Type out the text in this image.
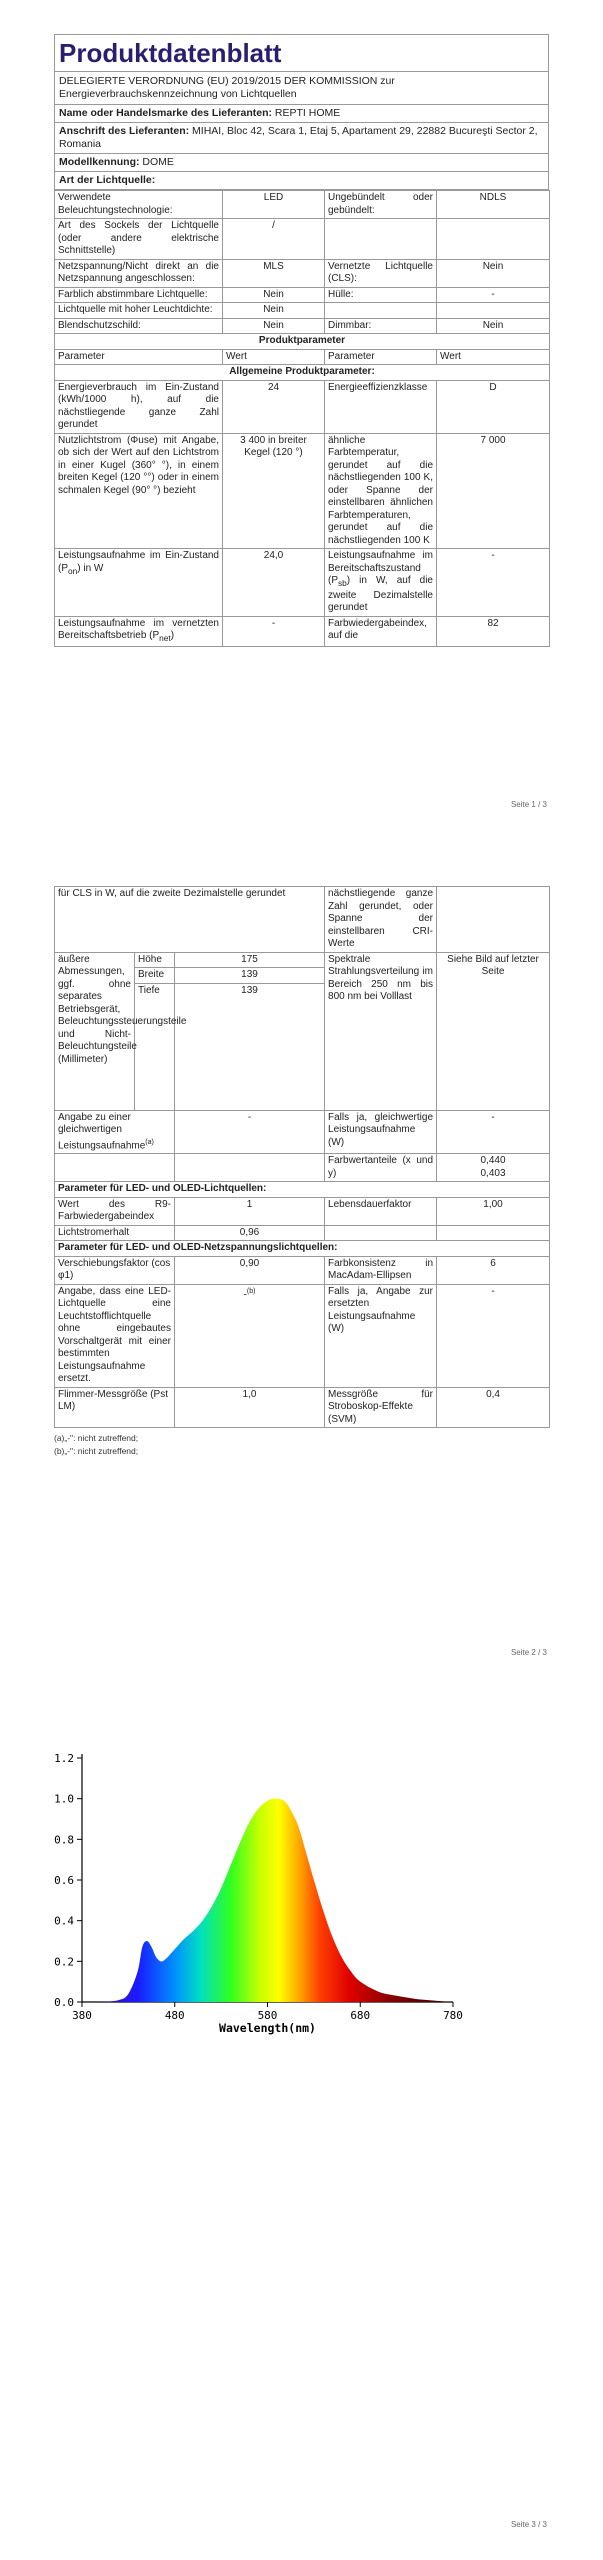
Produktdatenblatt
DELEGIERTE VERORDNUNG (EU) 2019/2015 DER KOMMISSION zur Energieverbrauchskennzeichnung von Lichtquellen
Name oder Handelsmarke des Lieferanten: REPTI HOME
Anschrift des Lieferanten: MIHAI, Bloc 42, Scara 1, Etaj 5, Apartament 29, 22882 Bucureşti Sector 2, Romania
Modellkennung: DOME
Art der Lichtquelle:
Verwendete Beleuchtungstechnologie:	LED	Ungebündelt oder gebündelt:	NDLS
Art des Sockels der Lichtquelle (oder andere elektrische Schnittstelle)	/		
Netzspannung/Nicht direkt an die Netzspannung angeschlossen:	MLS	Vernetzte Lichtquelle (CLS):	Nein
Farblich abstimmbare Lichtquelle:	Nein	Hülle:	-
Lichtquelle mit hoher Leuchtdichte:	Nein		
Blendschutzschild:	Nein	Dimmbar:	Nein
Produktparameter			
Parameter	Wert	Parameter	Wert
Allgemeine Produktparameter:			
Energieverbrauch im Ein-Zustand (kWh/1000 h), auf die nächstliegende ganze Zahl gerundet	24	Energieeffizienzklasse	D
Nutzlichtstrom (Φuse) mit Angabe, ob sich der Wert auf den Lichtstrom in einer Kugel (360° °), in einem breiten Kegel (120 °°) oder in einem schmalen Kegel (90° °) bezieht	3 400 in breiter Kegel (120 °)	ähnliche Farbtemperatur, gerundet auf die nächstliegenden 100 K, oder Spanne der einstellbaren ähnlichen Farbtemperaturen, gerundet auf die nächstliegenden 100 K	7 000
Leistungsaufnahme im Ein-Zustand $(P_{on})$ in W	24,0	Leistungsaufnahme im Bereitschaftszustand $(P_{sb})$ in W, auf die zweite Dezimalstelle gerundet	-
Leistungsaufnahme im vernetzten Bereitschaftsbetrieb $(P_{net})$	-	Farbwiedergabeindex, auf die	82
Seite 1 / 3
für CLS in W, auf die zweite Dezimalstelle gerundet			nächstliegende ganze Zahl gerundet, oder Spanne der einstellbaren CRI-Werte	
äußere Abmessungen, ggf. ohne separates Betriebsgerät, Beleuchtungssteuerungsteile und Nicht-Beleuchtungsteile (Millimeter)	Höhe	175	Spektrale Strahlungsverteilung im Bereich 250 nm bis 800 nm bei Volllast	Siehe Bild auf letzter Seite
	Breite	139		
	Tiefe	139		
Angabe zu einer gleichwertigen Leistungsaufnahme$^{(a)}$		-	Falls ja, gleichwertige Leistungsaufnahme (W)	-
			Farbwertanteile (x und y)	0,440
0,403

Parameter für LED- und OLED-Lichtquellen:				
Wert des R9-Farbwiedergabeindex		1	Lebensdauerfaktor	1,00
Lichtstromerhalt		0,96		
Parameter für LED- und OLED-Netzspannungslichtquellen:				
Verschiebungsfaktor (cos φ1)		0,90	Farbkonsistenz in MacAdam-Ellipsen	6
Angabe, dass eine LED-Lichtquelle eine Leuchtstofflichtquelle ohne eingebautes Vorschaltgerät mit einer bestimmten Leistungsaufnahme ersetzt.		-$^{(b)}$	Falls ja, Angabe zur ersetzten Leistungsaufnahme (W)	-
Flimmer-Messgröße (Pst LM)		1,0	Messgröße für Stroboskop-Effekte (SVM)	0,4
(a)„-": nicht zutreffend;
(b)„-": nicht zutreffend;
Seite 2 / 3
0.0
0.2
0.4
0.6
0.8
1.0
1.2
380	480	580	680	780
Wavelength(nm)
Seite 3 / 3
